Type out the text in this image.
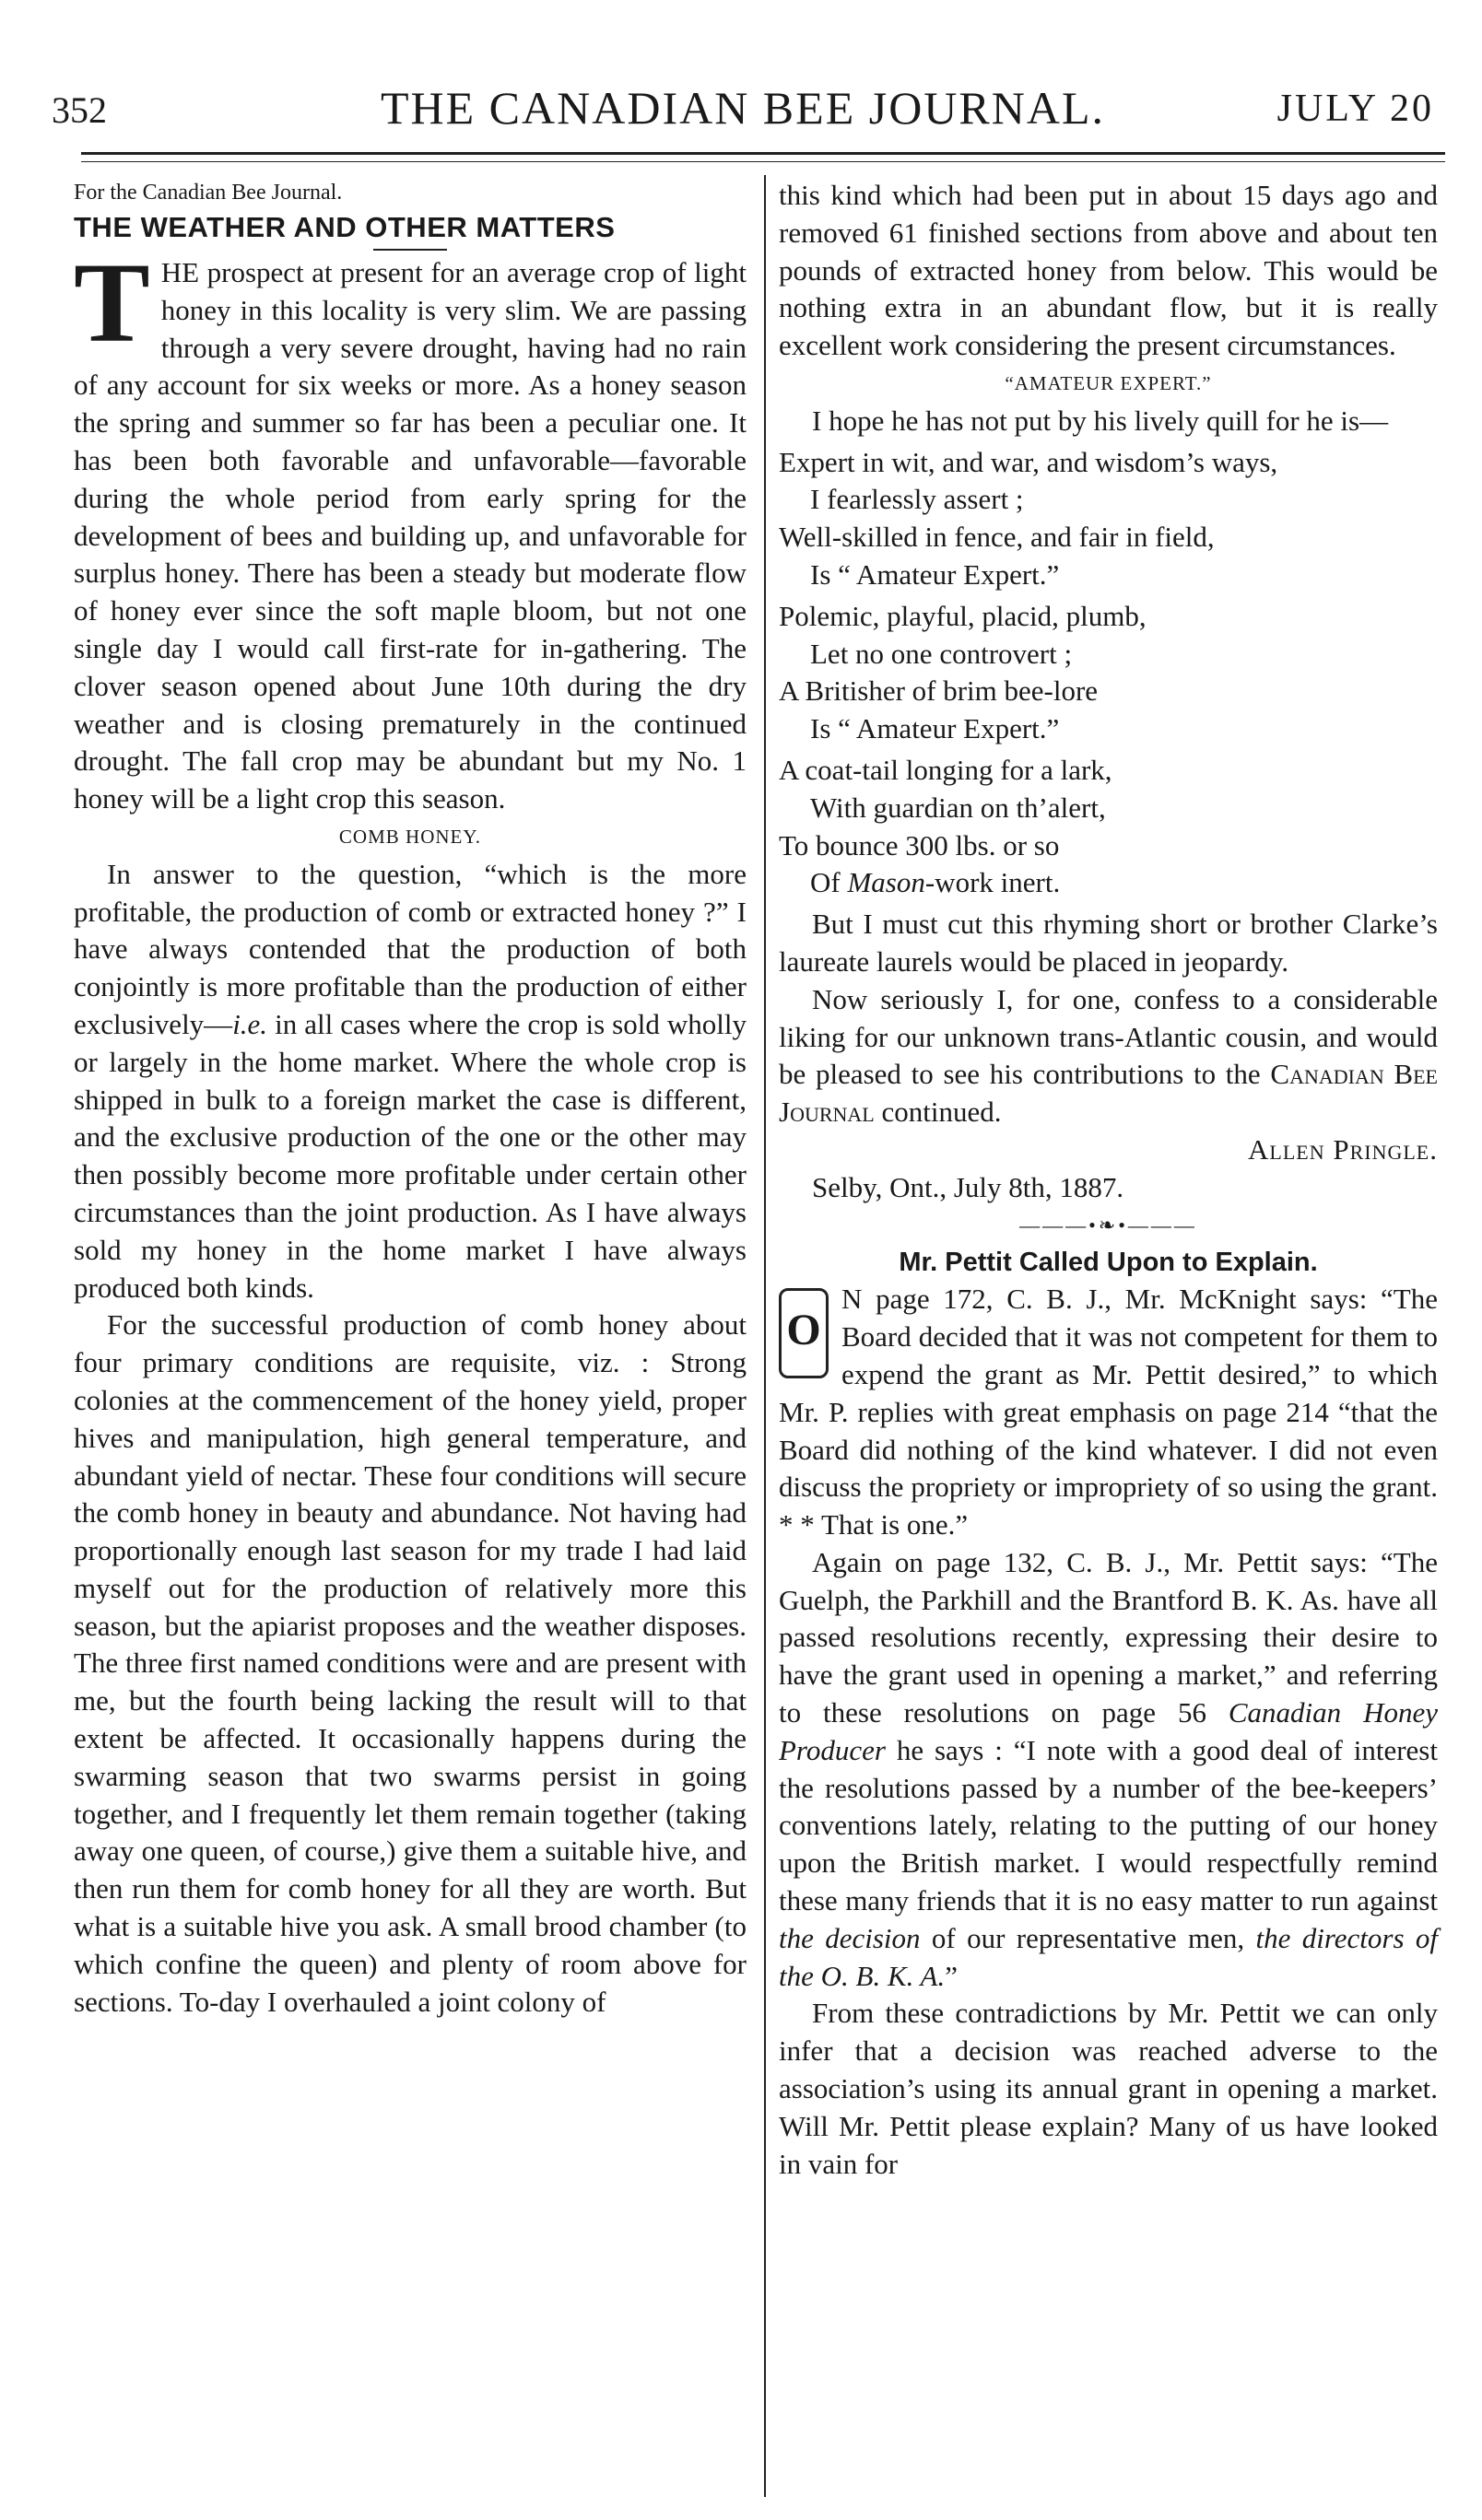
352	THE CANADIAN BEE JOURNAL.	JULY 20

For the Canadian Bee Journal.

THE WEATHER AND OTHER MATTERS

THE prospect at present for an average crop of light honey in this locality is very slim. We are passing through a very severe drought, having had no rain of any account for six weeks or more. As a honey season the spring and summer so far has been a peculiar one. It has been both favorable and unfavorable—favorable during the whole period from early spring for the development of bees and building up, and unfavorable for surplus honey. There has been a steady but moderate flow of honey ever since the soft maple bloom, but not one single day I would call first-rate for in-gathering. The clover season opened about June 10th during the dry weather and is closing prematurely in the continued drought. The fall crop may be abundant but my No. 1 honey will be a light crop this season.

COMB HONEY.

In answer to the question, “which is the more profitable, the production of comb or extracted honey ?” I have always contended that the production of both conjointly is more profitable than the production of either exclusively—i.e. in all cases where the crop is sold wholly or largely in the home market. Where the whole crop is shipped in bulk to a foreign market the case is different, and the exclusive production of the one or the other may then possibly become more profitable under certain other circumstances than the joint production. As I have always sold my honey in the home market I have always produced both kinds.

For the successful production of comb honey about four primary conditions are requisite, viz. : Strong colonies at the commencement of the honey yield, proper hives and manipulation, high general temperature, and abundant yield of nectar. These four conditions will secure the comb honey in beauty and abundance. Not having had proportionally enough last season for my trade I had laid myself out for the production of relatively more this season, but the apiarist proposes and the weather disposes. The three first named conditions were and are present with me, but the fourth being lacking the result will to that extent be affected. It occasionally happens during the swarming season that two swarms persist in going together, and I frequently let them remain together (taking away one queen, of course,) give them a suitable hive, and then run them for comb honey for all they are worth. But what is a suitable hive you ask. A small brood chamber (to which confine the queen) and plenty of room above for sections. To-day I overhauled a joint colony of

this kind which had been put in about 15 days ago and removed 61 finished sections from above and about ten pounds of extracted honey from below. This would be nothing extra in an abundant flow, but it is really excellent work considering the present circumstances.

“AMATEUR EXPERT.”

I hope he has not put by his lively quill for he is—

Expert in wit, and war, and wisdom’s ways,
I fearlessly assert ;
Well-skilled in fence, and fair in field,
Is “ Amateur Expert.”
Polemic, playful, placid, plumb,
Let no one controvert ;
A Britisher of brim bee-lore
Is “ Amateur Expert.”
A coat-tail longing for a lark,
With guardian on th’alert,
To bounce 300 lbs. or so
Of Mason-work inert.

But I must cut this rhyming short or brother Clarke’s laureate laurels would be placed in jeopardy.

Now seriously I, for one, confess to a considerable liking for our unknown trans-Atlantic cousin, and would be pleased to see his contributions to the Canadian Bee Journal continued.

Allen Pringle.

Selby, Ont., July 8th, 1887.

———•❧•———

Mr. Pettit Called Upon to Explain.

O
N page 172, C. B. J., Mr. McKnight says: “The Board decided that it was not competent for them to expend the grant as Mr. Pettit desired,” to which Mr. P. replies with great emphasis on page 214 “that the Board did nothing of the kind whatever. I did not even discuss the propriety or impropriety of so using the grant. * * That is one.”

Again on page 132, C. B. J., Mr. Pettit says: “The Guelph, the Parkhill and the Brantford B. K. As. have all passed resolutions recently, expressing their desire to have the grant used in opening a market,” and referring to these resolutions on page 56 Canadian Honey Producer he says : “I note with a good deal of interest the resolutions passed by a number of the bee-keepers’ conventions lately, relating to the putting of our honey upon the British market. I would respectfully remind these many friends that it is no easy matter to run against the decision of our representative men, the directors of the O. B. K. A.”

From these contradictions by Mr. Pettit we can only infer that a decision was reached adverse to the association’s using its annual grant in opening a market. Will Mr. Pettit please explain? Many of us have looked in vain for
